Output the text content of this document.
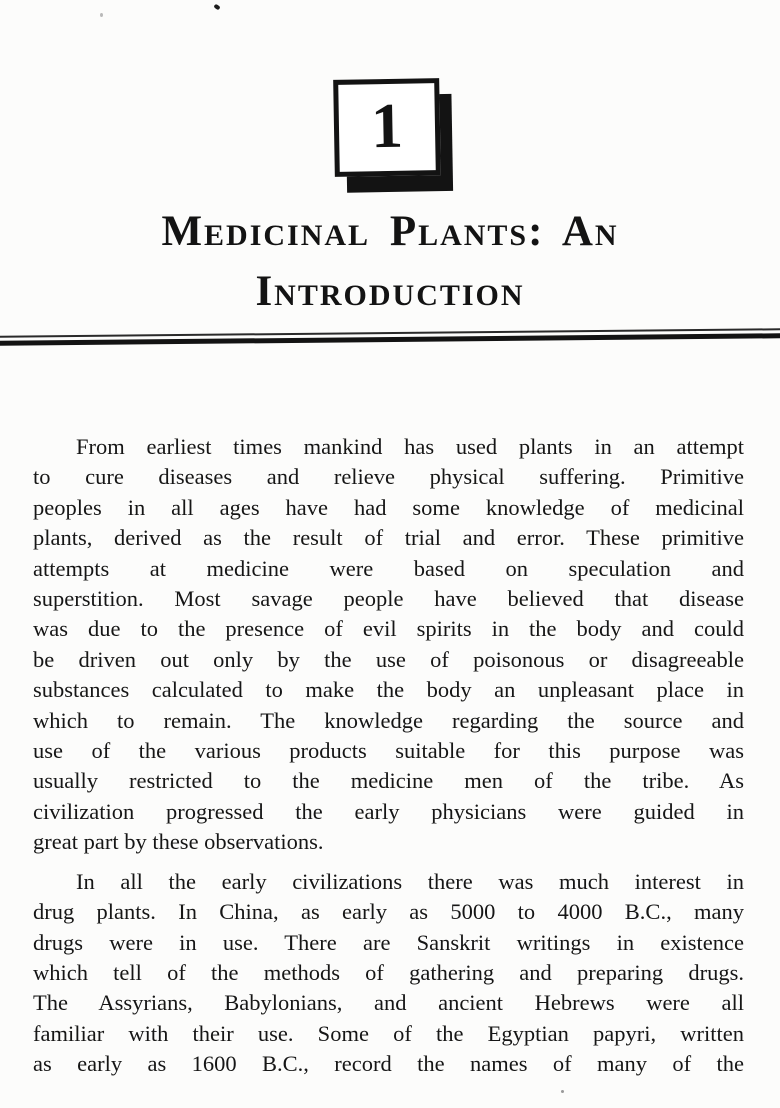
1
Medicinal Plants: An
Introduction
From earliest times mankind has used plants in an attempt
to cure diseases and relieve physical suffering. Primitive
peoples in all ages have had some knowledge of medicinal
plants, derived as the result of trial and error. These primitive
attempts at medicine were based on speculation and
superstition. Most savage people have believed that disease
was due to the presence of evil spirits in the body and could
be driven out only by the use of poisonous or disagreeable
substances calculated to make the body an unpleasant place in
which to remain. The knowledge regarding the source and
use of the various products suitable for this purpose was
usually restricted to the medicine men of the tribe. As
civilization progressed the early physicians were guided in
great part by these observations.
In all the early civilizations there was much interest in
drug plants. In China, as early as 5000 to 4000 B.C., many
drugs were in use. There are Sanskrit writings in existence
which tell of the methods of gathering and preparing drugs.
The Assyrians, Babylonians, and ancient Hebrews were all
familiar with their use. Some of the Egyptian papyri, written
as early as 1600 B.C., record the names of many of the
